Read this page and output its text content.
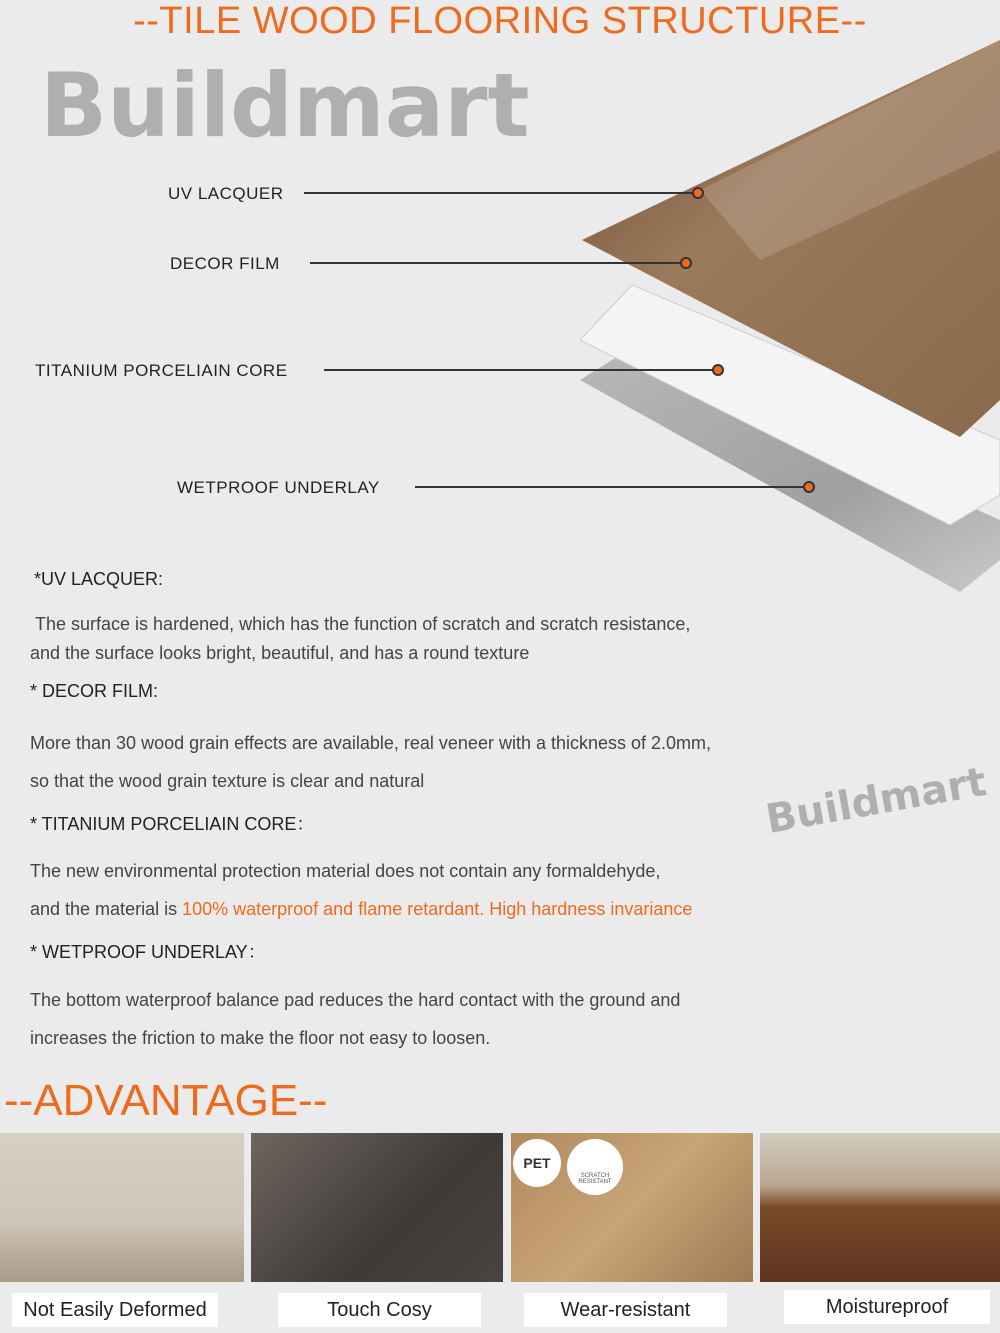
--TILE WOOD FLOORING STRUCTURE--
Buildmart
UV LACQUER
DECOR FILM
TITANIUM PORCELIAIN CORE
WETPROOF UNDERLAY
*UV LACQUER:
The surface is hardened, which has the function of scratch and scratch resistance,
and the surface looks bright, beautiful, and has a round texture
* DECOR FILM:
More than 30 wood grain effects are available, real veneer with a thickness of 2.0mm,
so that the wood grain texture is clear and natural
* TITANIUM PORCELIAIN CORE：
The new environmental protection material does not contain any formaldehyde,
and the material is 100% waterproof and flame retardant. High hardness invariance
Buildmart
* WETPROOF UNDERLAY：
The bottom waterproof balance pad reduces the hard contact with the ground and
increases the friction to make the floor not easy to loosen.
--ADVANTAGE--
PET
SCRATCH RESISTANT
Not Easily Deformed	Touch Cosy	Wear-resistant	Moistureproof
